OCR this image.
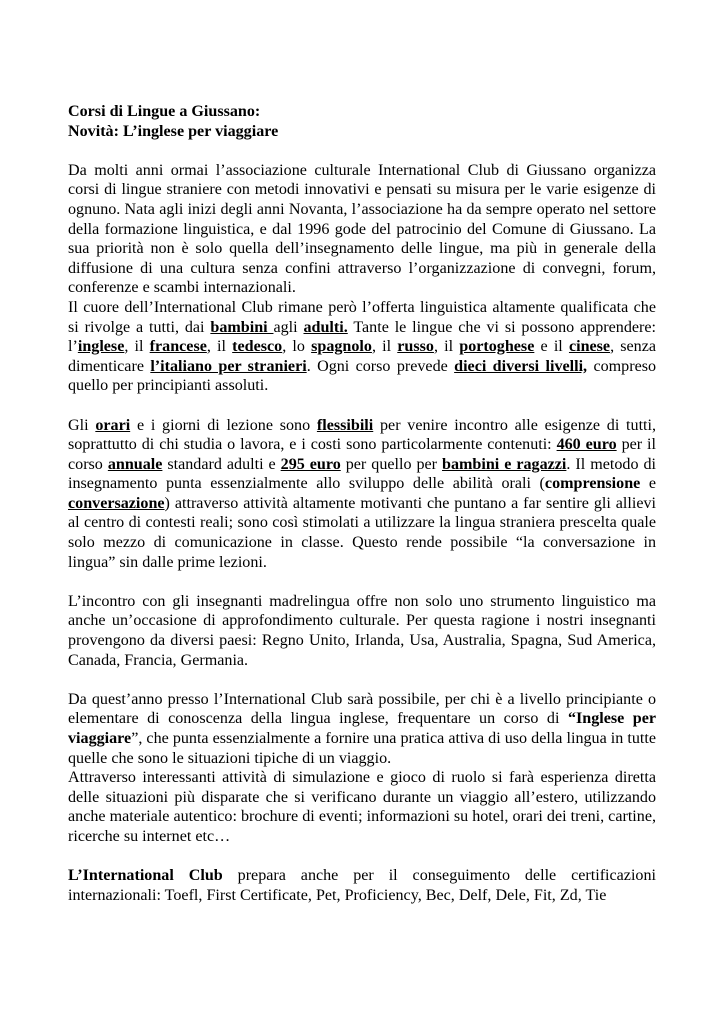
Corsi di Lingue a Giussano:
Novità: L’inglese per viaggiare

Da molti anni ormai l’associazione culturale International Club di Giussano organizza corsi di lingue straniere con metodi innovativi e pensati su misura per le varie esigenze di ognuno. Nata agli inizi degli anni Novanta, l’associazione ha da sempre operato nel settore della formazione linguistica, e dal 1996 gode del patrocinio del Comune di Giussano. La sua priorità non è solo quella dell’insegnamento delle lingue, ma più in generale della diffusione di una cultura senza confini attraverso l’organizzazione di convegni, forum, conferenze e scambi internazionali.

Il cuore dell’International Club rimane però l’offerta linguistica altamente qualificata che si rivolge a tutti, dai bambini agli adulti. Tante le lingue che vi si possono apprendere: l’inglese, il francese, il tedesco, lo spagnolo, il russo, il portoghese e il cinese, senza dimenticare l’italiano per stranieri. Ogni corso prevede dieci diversi livelli, compreso quello per principianti assoluti.

Gli orari e i giorni di lezione sono flessibili per venire incontro alle esigenze di tutti, soprattutto di chi studia o lavora, e i costi sono particolarmente contenuti: 460 euro per il corso annuale standard adulti e 295 euro per quello per bambini e ragazzi. Il metodo di insegnamento punta essenzialmente allo sviluppo delle abilità orali (comprensione e conversazione) attraverso attività altamente motivanti che puntano a far sentire gli allievi al centro di contesti reali; sono così stimolati a utilizzare la lingua straniera prescelta quale solo mezzo di comunicazione in classe. Questo rende possibile “la conversazione in lingua” sin dalle prime lezioni.

L’incontro con gli insegnanti madrelingua offre non solo uno strumento linguistico ma anche un’occasione di approfondimento culturale. Per questa ragione i nostri insegnanti provengono da diversi paesi: Regno Unito, Irlanda, Usa, Australia, Spagna, Sud America, Canada, Francia, Germania.

Da quest’anno presso l’International Club sarà possibile, per chi è a livello principiante o elementare di conoscenza della lingua inglese, frequentare un corso di “Inglese per viaggiare”, che punta essenzialmente a fornire una pratica attiva di uso della lingua in tutte quelle che sono le situazioni tipiche di un viaggio.

Attraverso interessanti attività di simulazione e gioco di ruolo si farà esperienza diretta delle situazioni più disparate che si verificano durante un viaggio all’estero, utilizzando anche materiale autentico: brochure di eventi; informazioni su hotel, orari dei treni, cartine, ricerche su internet etc…

L’International Club prepara anche per il conseguimento delle certificazioni internazionali: Toefl, First Certificate, Pet, Proficiency, Bec, Delf, Dele, Fit, Zd, Tie
